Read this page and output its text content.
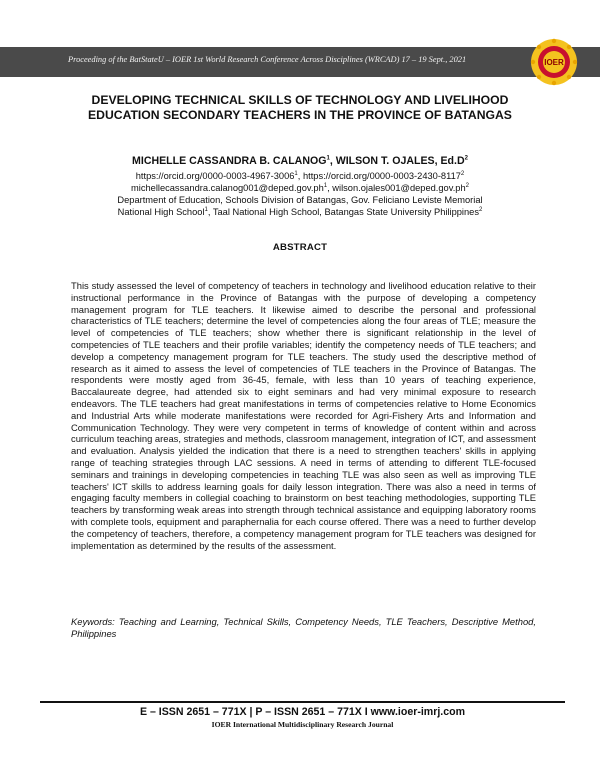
Proceeding of the BatStateU – IOER 1st World Research Conference Across Disciplines (WRCAD) 17 – 19 Sept., 2021	IOER
DEVELOPING TECHNICAL SKILLS OF TECHNOLOGY AND LIVELIHOOD EDUCATION SECONDARY TEACHERS IN THE PROVINCE OF BATANGAS
MICHELLE CASSANDRA B. CALANOG$^1$, WILSON T. OJALES, $Ed.D^2$
https://orcid.org/0000-0003-4967-3006$^1$, https://orcid.org/0000-0003-2430-8117$^2$
$michellecassandra.calanog001@deped.gov.ph^1$, $wilson.ojales001@deped.gov.ph^2$
Department of Education, Schools Division of Batangas, Gov. Feliciano Leviste Memorial
National High School$^1$, Taal National High School, Batangas State University Philippines$^2$
ABSTRACT
This study assessed the level of competency of teachers in technology and livelihood education relative to their instructional performance in the Province of Batangas with the purpose of developing a competency management program for TLE teachers. It likewise aimed to describe the personal and professional characteristics of TLE teachers; determine the level of competencies along the four areas of TLE; measure the level of competencies of TLE teachers; show whether there is significant relationship in the level of competencies of TLE teachers and their profile variables; identify the competency needs of TLE teachers; and develop a competency management program for TLE teachers. The study used the descriptive method of research as it aimed to assess the level of competencies of TLE teachers in the Province of Batangas. The respondents were mostly aged from 36-45, female, with less than 10 years of teaching experience, Baccalaureate degree, had attended six to eight seminars and had very minimal exposure to research endeavors. The TLE teachers had great manifestations in terms of competencies relative to Home Economics and Industrial Arts while moderate manifestations were recorded for Agri-Fishery Arts and Information and Communication Technology. They were very competent in terms of knowledge of content within and across curriculum teaching areas, strategies and methods, classroom management, integration of ICT, and assessment and evaluation. Analysis yielded the indication that there is a need to strengthen teachers' skills in applying range of teaching strategies through LAC sessions. A need in terms of attending to different TLE-focused seminars and trainings in developing competencies in teaching TLE was also seen as well as improving TLE teachers' ICT skills to address learning goals for daily lesson integration. There was also a need in terms of engaging faculty members in collegial coaching to brainstorm on best teaching methodologies, supporting TLE teachers by transforming weak areas into strength through technical assistance and equipping laboratory rooms with complete tools, equipment and paraphernalia for each course offered. There was a need to further develop the competency of teachers, therefore, a competency management program for TLE teachers was designed for implementation as determined by the results of the assessment.
Keywords: Teaching and Learning, Technical Skills, Competency Needs, TLE Teachers, Descriptive Method, Philippines
E – ISSN 2651 – 771X | P – ISSN 2651 – 771X I www.ioer-imrj.com
IOER International Multidisciplinary Research Journal
